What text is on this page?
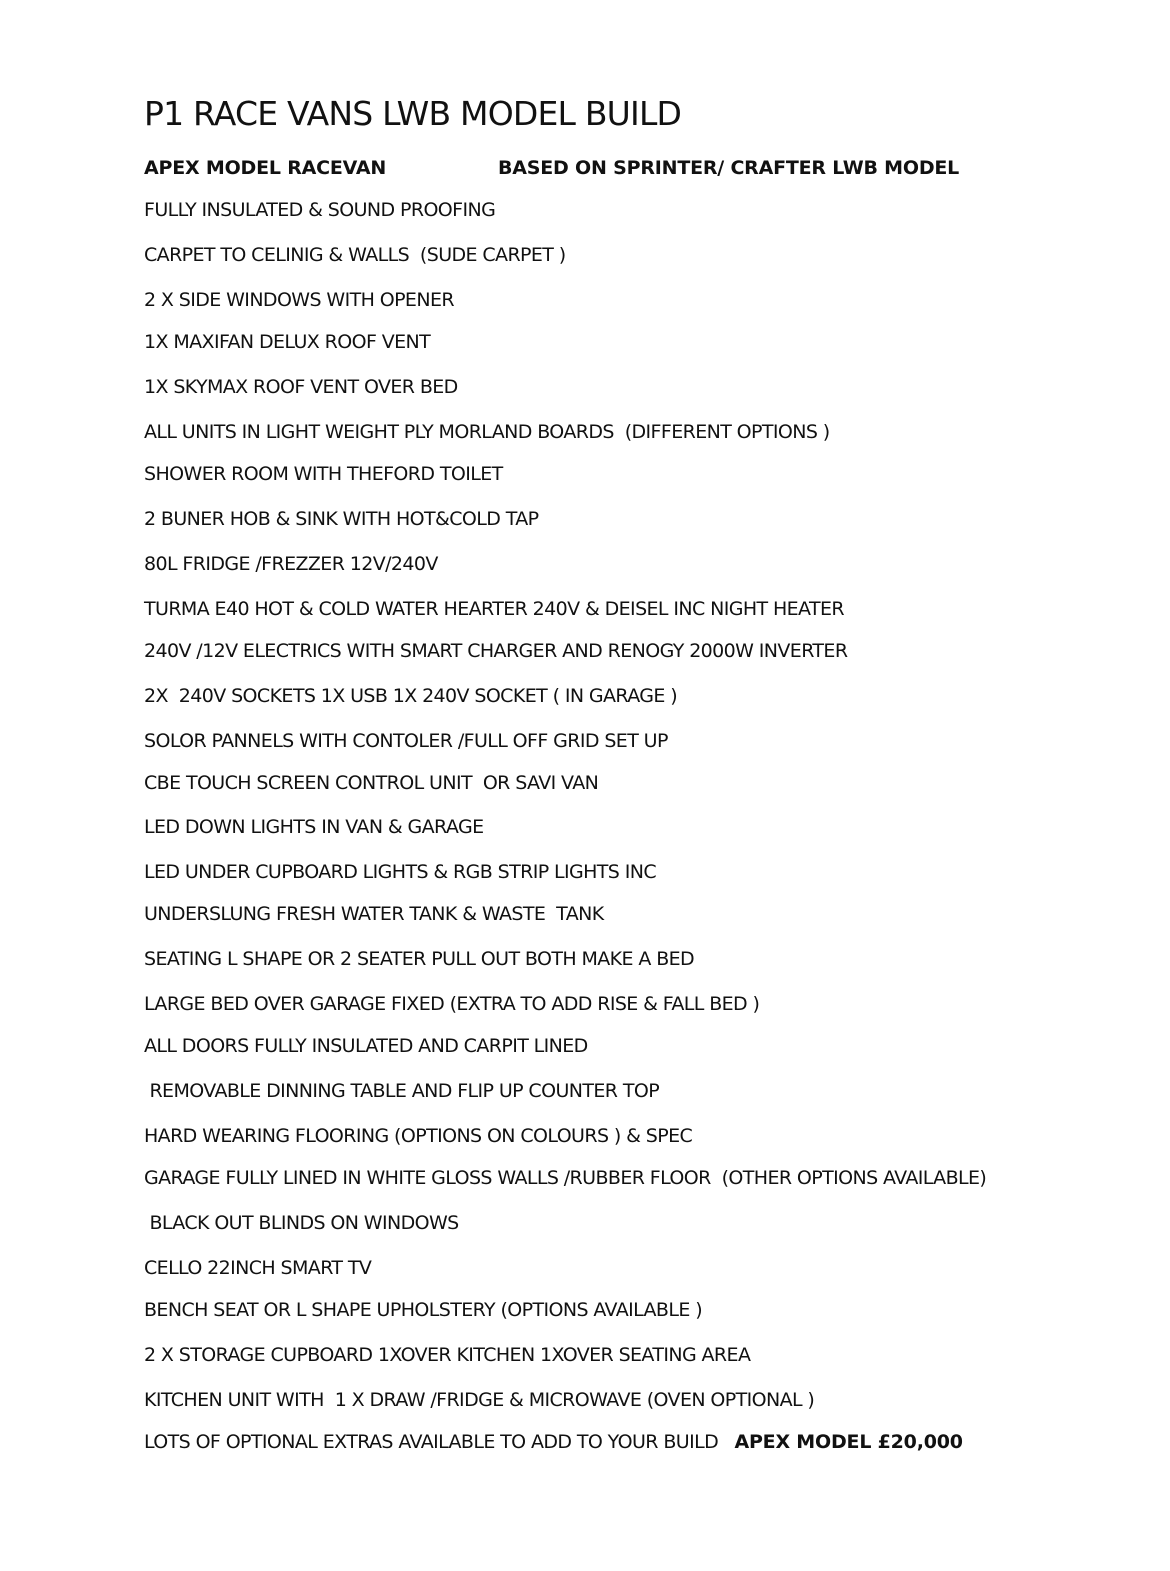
P1 RACE VANS LWB MODEL BUILD
APEX MODEL RACEVAN	BASED ON SPRINTER/ CRAFTER LWB MODEL
FULLY INSULATED & SOUND PROOFING
CARPET TO CELINIG & WALLS  (SUDE CARPET )
2 X SIDE WINDOWS WITH OPENER
1X MAXIFAN DELUX ROOF VENT
1X SKYMAX ROOF VENT OVER BED
ALL UNITS IN LIGHT WEIGHT PLY MORLAND BOARDS  (DIFFERENT OPTIONS )
SHOWER ROOM WITH THEFORD TOILET
2 BUNER HOB & SINK WITH HOT&COLD TAP
80L FRIDGE /FREZZER 12V/240V
TURMA E40 HOT & COLD WATER HEARTER 240V & DEISEL INC NIGHT HEATER
240V /12V ELECTRICS WITH SMART CHARGER AND RENOGY 2000W INVERTER
2X  240V SOCKETS 1X USB 1X 240V SOCKET ( IN GARAGE )
SOLOR PANNELS WITH CONTOLER /FULL OFF GRID SET UP
CBE TOUCH SCREEN CONTROL UNIT  OR SAVI VAN
LED DOWN LIGHTS IN VAN & GARAGE
LED UNDER CUPBOARD LIGHTS & RGB STRIP LIGHTS INC
UNDERSLUNG FRESH WATER TANK & WASTE  TANK
SEATING L SHAPE OR 2 SEATER PULL OUT BOTH MAKE A BED
LARGE BED OVER GARAGE FIXED (EXTRA TO ADD RISE & FALL BED )
ALL DOORS FULLY INSULATED AND CARPIT LINED
REMOVABLE DINNING TABLE AND FLIP UP COUNTER TOP
HARD WEARING FLOORING (OPTIONS ON COLOURS ) & SPEC
GARAGE FULLY LINED IN WHITE GLOSS WALLS /RUBBER FLOOR  (OTHER OPTIONS AVAILABLE)
BLACK OUT BLINDS ON WINDOWS
CELLO 22INCH SMART TV
BENCH SEAT OR L SHAPE UPHOLSTERY (OPTIONS AVAILABLE )
2 X STORAGE CUPBOARD 1XOVER KITCHEN 1XOVER SEATING AREA
KITCHEN UNIT WITH  1 X DRAW /FRIDGE & MICROWAVE (OVEN OPTIONAL )
LOTS OF OPTIONAL EXTRAS AVAILABLE TO ADD TO YOUR BUILD APEX MODEL £20,000
